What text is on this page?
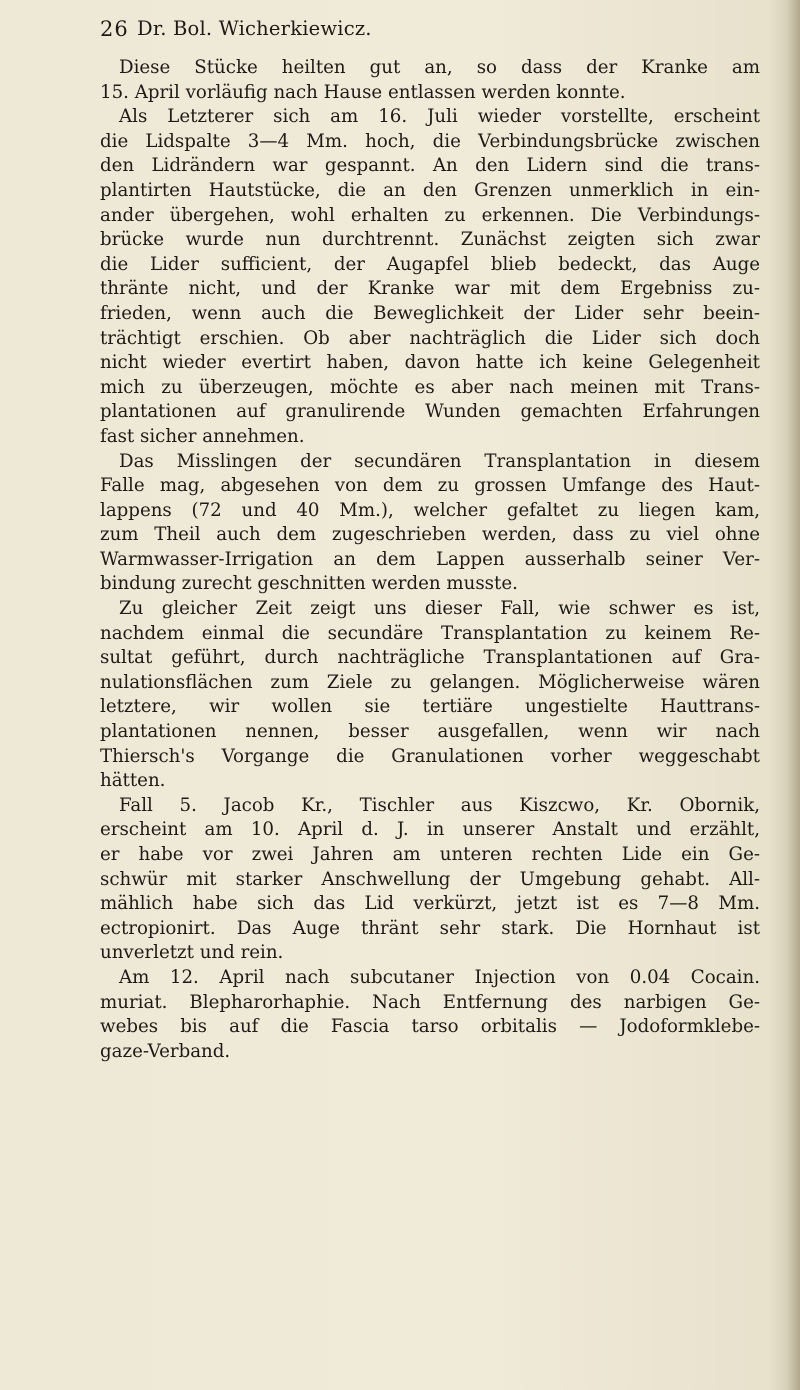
26 Dr. Bol. Wicherkiewicz.
Diese Stücke heilten gut an, so dass der Kranke am
15. April vorläufig nach Hause entlassen werden konnte.
Als Letzterer sich am 16. Juli wieder vorstellte, erscheint
die Lidspalte 3—4 Mm. hoch, die Verbindungsbrücke zwischen
den Lidrändern war gespannt. An den Lidern sind die trans-
plantirten Hautstücke, die an den Grenzen unmerklich in ein-
ander übergehen, wohl erhalten zu erkennen. Die Verbindungs-
brücke wurde nun durchtrennt. Zunächst zeigten sich zwar
die Lider sufficient, der Augapfel blieb bedeckt, das Auge
thränte nicht, und der Kranke war mit dem Ergebniss zu-
frieden, wenn auch die Beweglichkeit der Lider sehr beein-
trächtigt erschien. Ob aber nachträglich die Lider sich doch
nicht wieder evertirt haben, davon hatte ich keine Gelegenheit
mich zu überzeugen, möchte es aber nach meinen mit Trans-
plantationen auf granulirende Wunden gemachten Erfahrungen
fast sicher annehmen.
Das Misslingen der secundären Transplantation in diesem
Falle mag, abgesehen von dem zu grossen Umfange des Haut-
lappens (72 und 40 Mm.), welcher gefaltet zu liegen kam,
zum Theil auch dem zugeschrieben werden, dass zu viel ohne
Warmwasser-Irrigation an dem Lappen ausserhalb seiner Ver-
bindung zurecht geschnitten werden musste.
Zu gleicher Zeit zeigt uns dieser Fall, wie schwer es ist,
nachdem einmal die secundäre Transplantation zu keinem Re-
sultat geführt, durch nachträgliche Transplantationen auf Gra-
nulationsflächen zum Ziele zu gelangen. Möglicherweise wären
letztere, wir wollen sie tertiäre ungestielte Hauttrans-
plantationen nennen, besser ausgefallen, wenn wir nach
Thiersch's Vorgange die Granulationen vorher weggeschabt
hätten.
Fall 5. Jacob Kr., Tischler aus Kiszcwo, Kr. Obornik,
erscheint am 10. April d. J. in unserer Anstalt und erzählt,
er habe vor zwei Jahren am unteren rechten Lide ein Ge-
schwür mit starker Anschwellung der Umgebung gehabt. All-
mählich habe sich das Lid verkürzt, jetzt ist es 7—8 Mm.
ectropionirt. Das Auge thränt sehr stark. Die Hornhaut ist
unverletzt und rein.
Am 12. April nach subcutaner Injection von 0.04 Cocain.
muriat. Blepharorhaphie. Nach Entfernung des narbigen Ge-
webes bis auf die Fascia tarso orbitalis — Jodoformklebe-
gaze-Verband.
